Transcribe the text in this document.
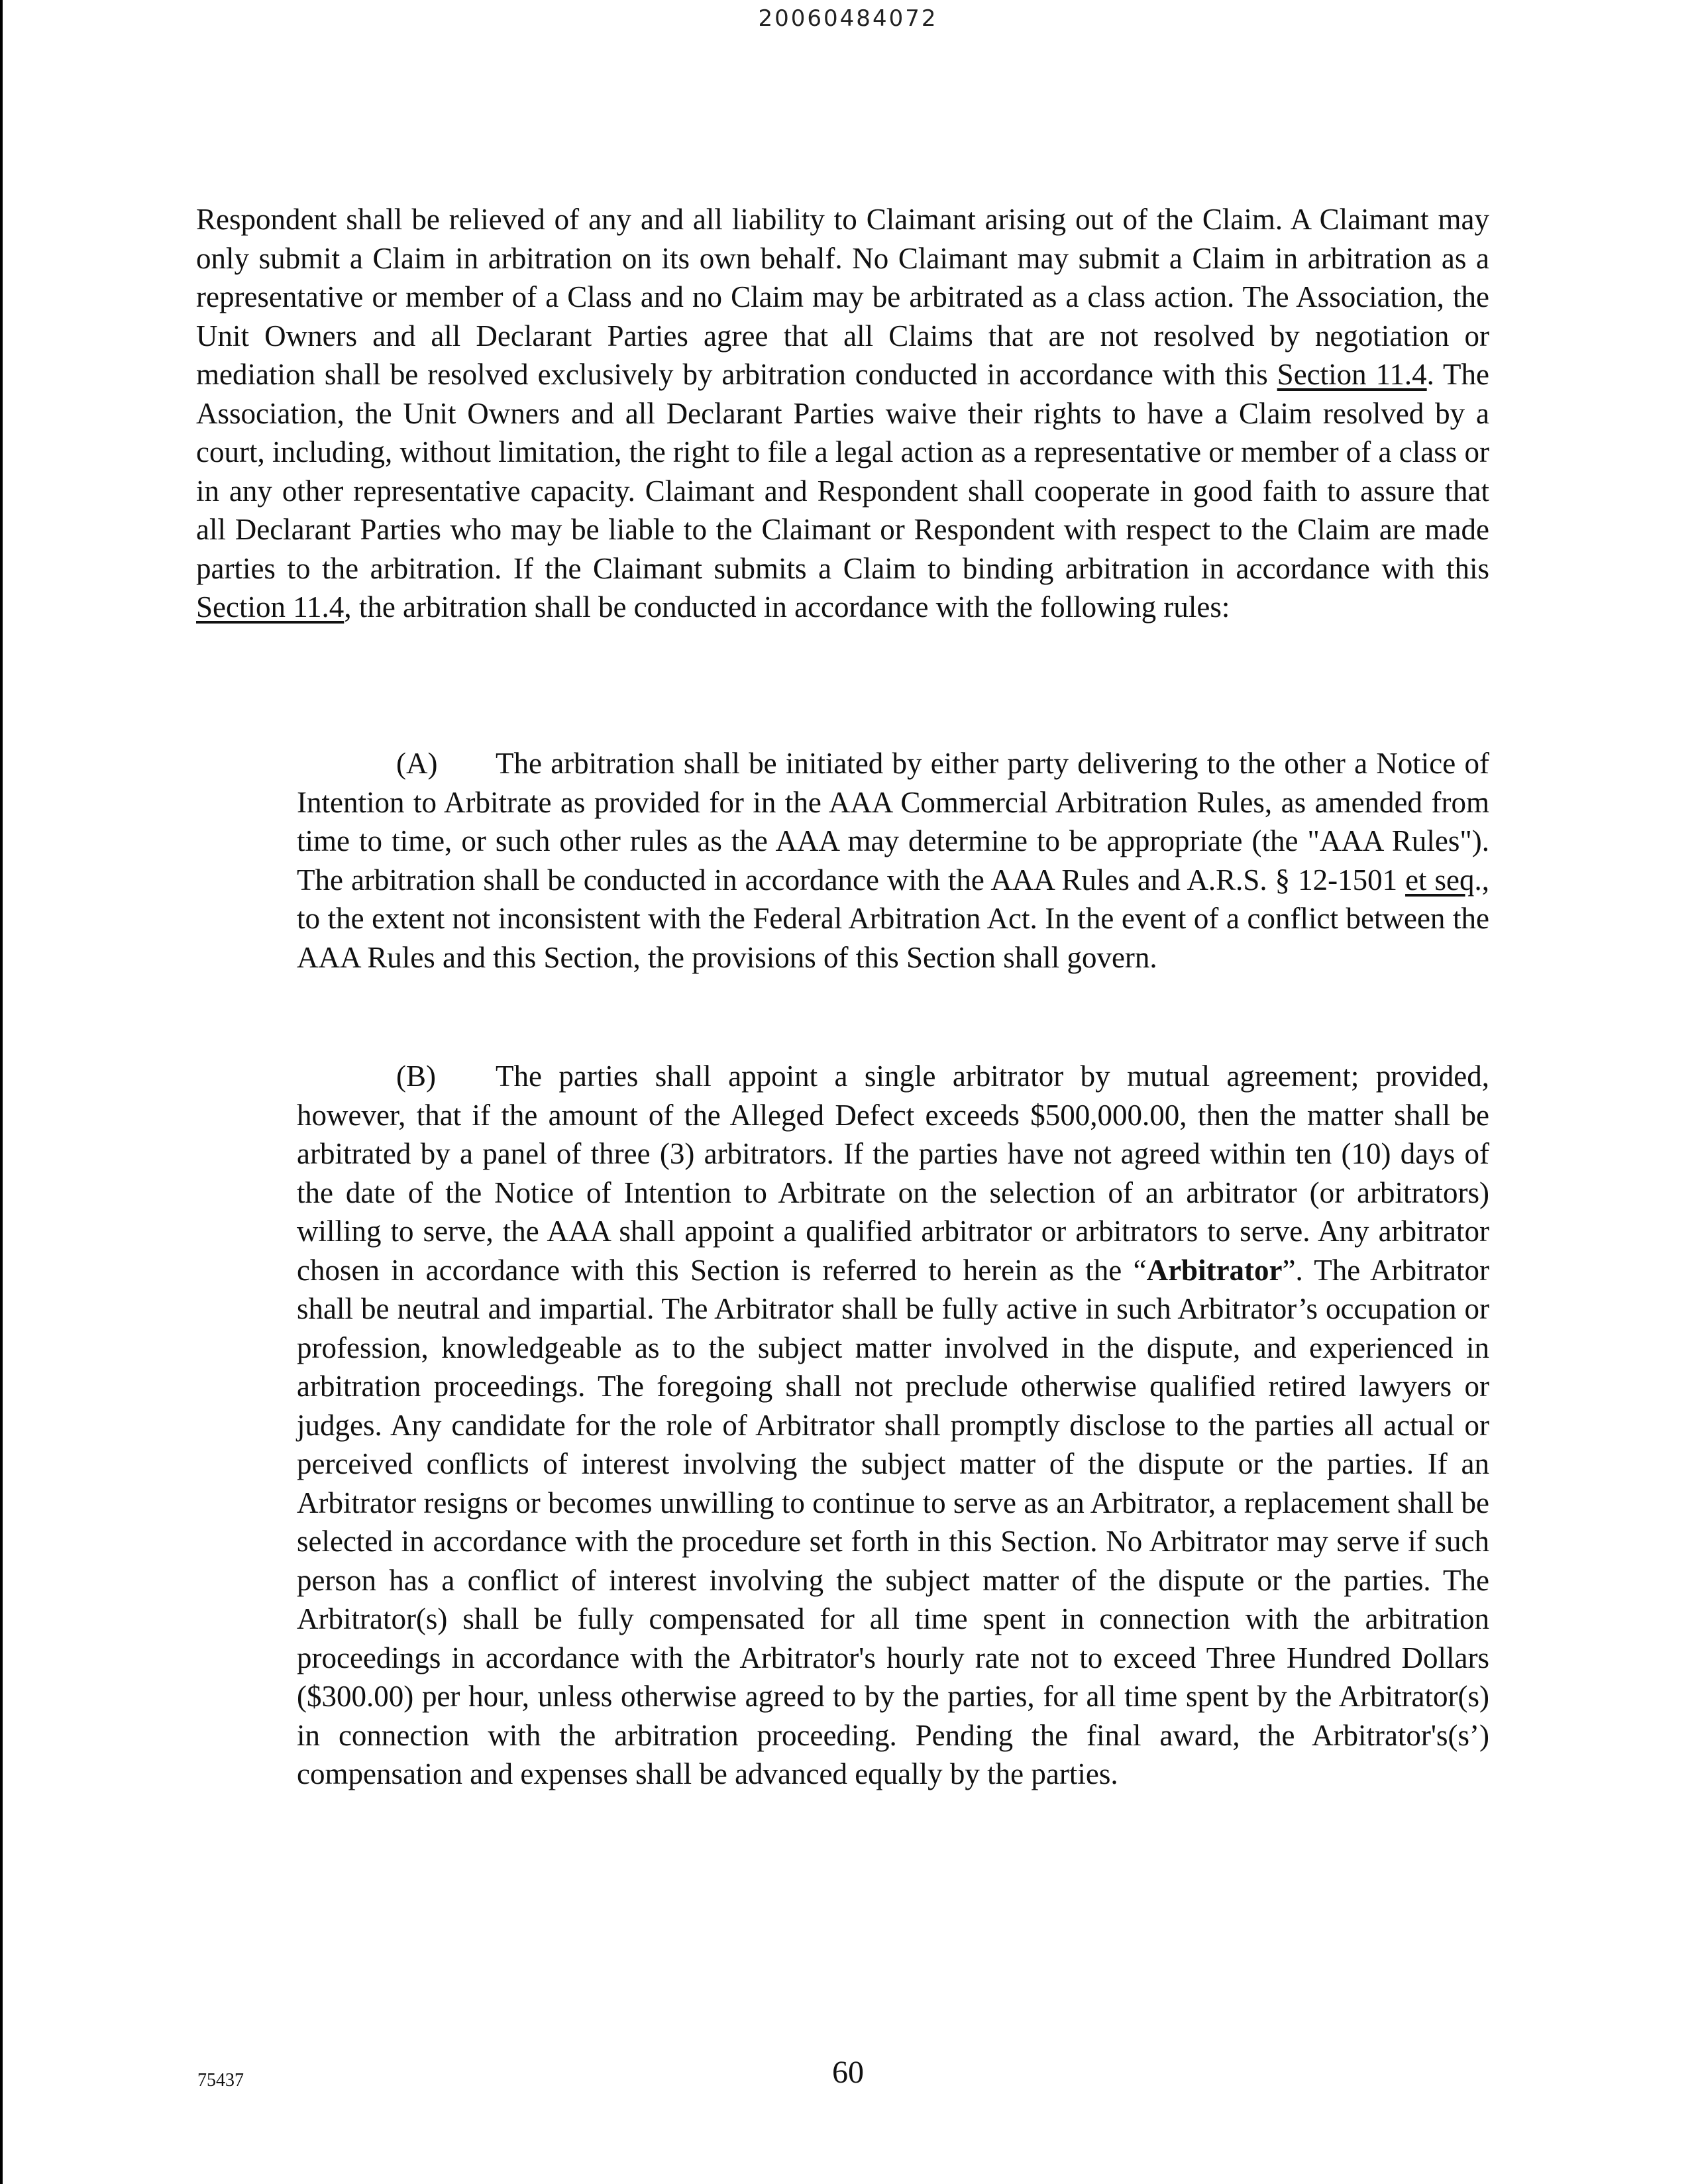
20060484072

Respondent shall be relieved of any and all liability to Claimant arising out of the Claim. A Claimant may only submit a Claim in arbitration on its own behalf. No Claimant may submit a Claim in arbitration as a representative or member of a Class and no Claim may be arbitrated as a class action. The Association, the Unit Owners and all Declarant Parties agree that all Claims that are not resolved by negotiation or mediation shall be resolved exclusively by arbitration conducted in accordance with this Section 11.4. The Association, the Unit Owners and all Declarant Parties waive their rights to have a Claim resolved by a court, including, without limitation, the right to file a legal action as a representative or member of a class or in any other representative capacity. Claimant and Respondent shall cooperate in good faith to assure that all Declarant Parties who may be liable to the Claimant or Respondent with respect to the Claim are made parties to the arbitration. If the Claimant submits a Claim to binding arbitration in accordance with this Section 11.4, the arbitration shall be conducted in accordance with the following rules:

(A) The arbitration shall be initiated by either party delivering to the other a Notice of Intention to Arbitrate as provided for in the AAA Commercial Arbitration Rules, as amended from time to time, or such other rules as the AAA may determine to be appropriate (the "AAA Rules"). The arbitration shall be conducted in accordance with the AAA Rules and A.R.S. § 12-1501 et seq., to the extent not inconsistent with the Federal Arbitration Act. In the event of a conflict between the AAA Rules and this Section, the provisions of this Section shall govern.

(B) The parties shall appoint a single arbitrator by mutual agreement; provided, however, that if the amount of the Alleged Defect exceeds $500,000.00, then the matter shall be arbitrated by a panel of three (3) arbitrators. If the parties have not agreed within ten (10) days of the date of the Notice of Intention to Arbitrate on the selection of an arbitrator (or arbitrators) willing to serve, the AAA shall appoint a qualified arbitrator or arbitrators to serve. Any arbitrator chosen in accordance with this Section is referred to herein as the “Arbitrator”. The Arbitrator shall be neutral and impartial. The Arbitrator shall be fully active in such Arbitrator’s occupation or profession, knowledgeable as to the subject matter involved in the dispute, and experienced in arbitration proceedings. The foregoing shall not preclude otherwise qualified retired lawyers or judges. Any candidate for the role of Arbitrator shall promptly disclose to the parties all actual or perceived conflicts of interest involving the subject matter of the dispute or the parties. If an Arbitrator resigns or becomes unwilling to continue to serve as an Arbitrator, a replacement shall be selected in accordance with the procedure set forth in this Section. No Arbitrator may serve if such person has a conflict of interest involving the subject matter of the dispute or the parties. The Arbitrator(s) shall be fully compensated for all time spent in connection with the arbitration proceedings in accordance with the Arbitrator's hourly rate not to exceed Three Hundred Dollars ($300.00) per hour, unless otherwise agreed to by the parties, for all time spent by the Arbitrator(s) in connection with the arbitration proceeding. Pending the final award, the Arbitrator's(s’) compensation and expenses shall be advanced equally by the parties.

75437	60
